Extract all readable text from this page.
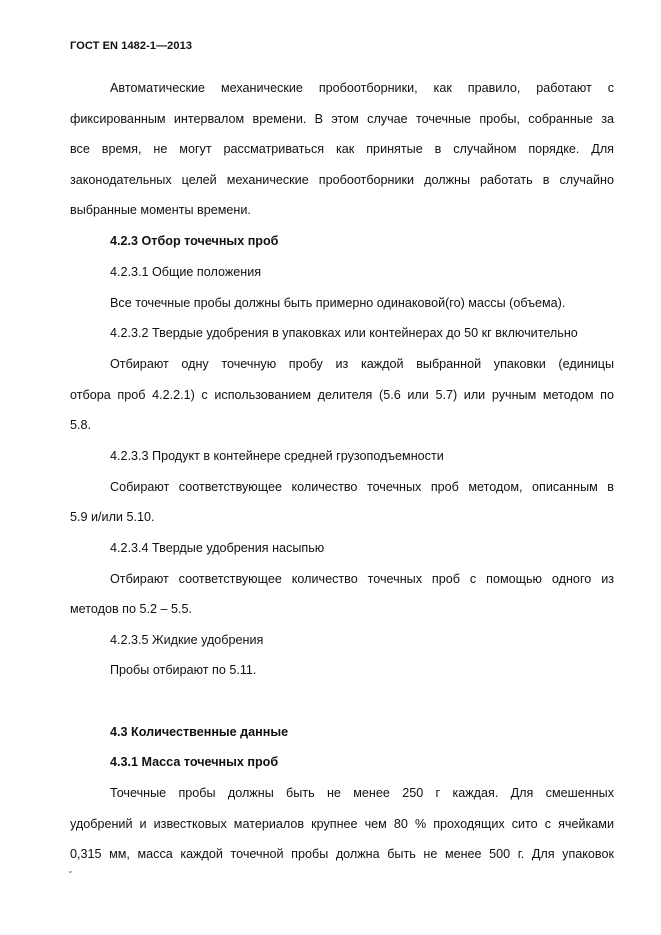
ГОСТ EN 1482-1—2013
Автоматические механические пробоотборники, как правило, работают с
фиксированным интервалом времени. В этом случае точечные пробы, собранные за
все время, не могут рассматриваться как принятые в случайном порядке. Для
законодательных целей механические пробоотборники должны работать в случайно
выбранные моменты времени.
4.2.3 Отбор точечных проб
4.2.3.1 Общие положения
Все точечные пробы должны быть примерно одинаковой(го) массы (объема).
4.2.3.2 Твердые удобрения в упаковках или контейнерах до 50 кг включительно
Отбирают одну точечную пробу из каждой выбранной упаковки (единицы
отбора проб 4.2.2.1) с использованием делителя (5.6 или 5.7) или ручным методом по
5.8.
4.2.3.3 Продукт в контейнере средней грузоподъемности
Собирают соответствующее количество точечных проб методом, описанным в
5.9 и/или 5.10.
4.2.3.4 Твердые удобрения насыпью
Отбирают соответствующее количество точечных проб с помощью одного из
методов по 5.2 – 5.5.
4.2.3.5 Жидкие удобрения
Пробы отбирают по 5.11.
4.3 Количественные данные
4.3.1 Масса точечных проб
Точечные пробы должны быть не менее 250 г каждая. Для смешенных
удобрений и известковых материалов крупнее чем 80 % проходящих сито с ячейками
0,315 мм, масса каждой точечной пробы должна быть не менее 500 г. Для упаковок
˘
